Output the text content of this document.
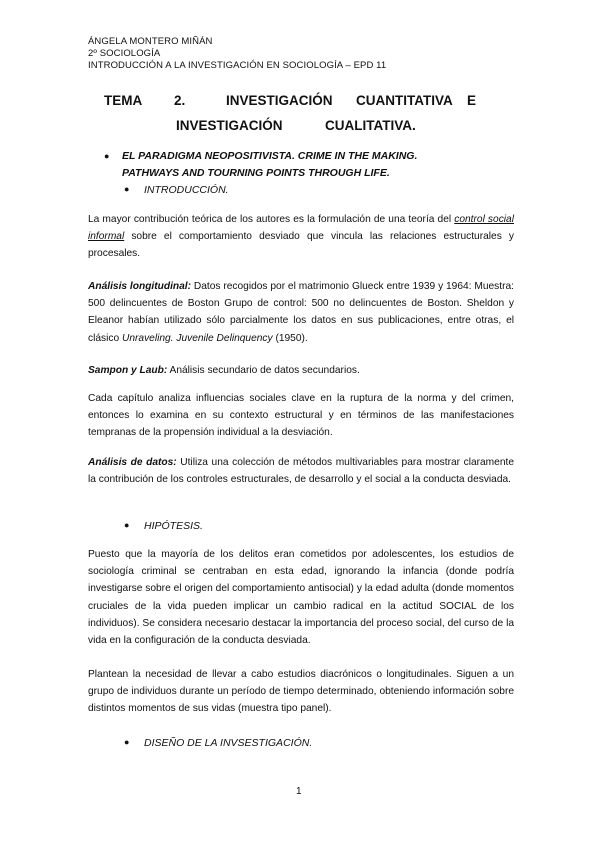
ÁNGELA MONTERO MIÑÁN
2º SOCIOLOGÍA
INTRODUCCIÓN A LA INVESTIGACIÓN EN SOCIOLOGÍA – EPD 11
TEMA 2.	INVESTIGACIÓN CUANTITATIVA E
INVESTIGACIÓN	CUALITATIVA.
● EL PARADIGMA NEOPOSITIVISTA. CRIME IN THE MAKING.
PATHWAYS AND TOURNING POINTS THROUGH LIFE.
● INTRODUCCIÓN.
La mayor contribución teórica de los autores es la formulación de una teoría del control social informal sobre el comportamiento desviado que vincula las relaciones estructurales y procesales.
Análisis longitudinal: Datos recogidos por el matrimonio Glueck entre 1939 y 1964: Muestra: 500 delincuentes de Boston Grupo de control: 500 no delincuentes de Boston. Sheldon y Eleanor habían utilizado sólo parcialmente los datos en sus publicaciones, entre otras, el clásico Unraveling. Juvenile Delinquency (1950).
Sampon y Laub: Análisis secundario de datos secundarios.
Cada capítulo analiza influencias sociales clave en la ruptura de la norma y del crimen, entonces lo examina en su contexto estructural y en términos de las manifestaciones tempranas de la propensión individual a la desviación.
Análisis de datos: Utiliza una colección de métodos multivariables para mostrar claramente la contribución de los controles estructurales, de desarrollo y el social a la conducta desviada.
● HIPÓTESIS.
Puesto que la mayoría de los delitos eran cometidos por adolescentes, los estudios de sociología criminal se centraban en esta edad, ignorando la infancia (donde podría investigarse sobre el origen del comportamiento antisocial) y la edad adulta (donde momentos cruciales de la vida pueden implicar un cambio radical en la actitud SOCIAL de los individuos). Se considera necesario destacar la importancia del proceso social, del curso de la vida en la configuración de la conducta desviada.
Plantean la necesidad de llevar a cabo estudios diacrónicos o longitudinales. Siguen a un grupo de individuos durante un período de tiempo determinado, obteniendo información sobre distintos momentos de sus vidas (muestra tipo panel).
● DISEÑO DE LA INVSESTIGACIÓN.
1
